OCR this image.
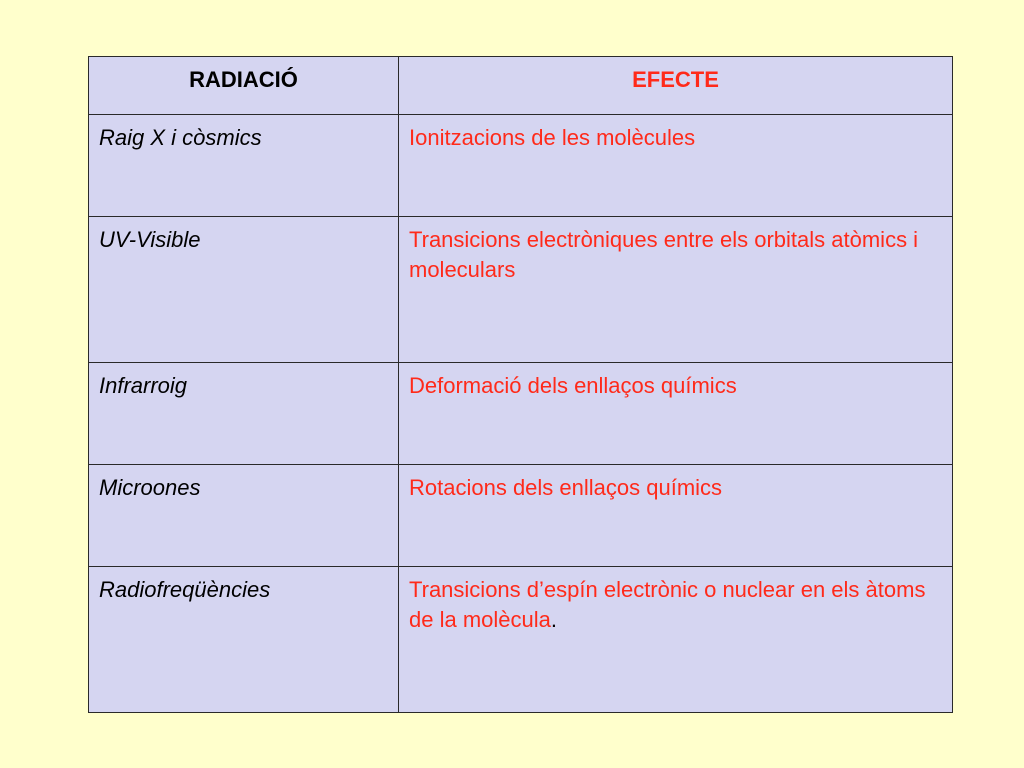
RADIACIÓ	EFECTE
Raig X i còsmics	Ionitzacions de les molècules
UV-Visible	Transicions electròniques entre els orbitals atòmics i moleculars
Infrarroig	Deformació dels enllaços químics
Microones	Rotacions dels enllaços químics
Radiofreqüències	Transicions d’espín electrònic o nuclear en els àtoms de la molècula.
